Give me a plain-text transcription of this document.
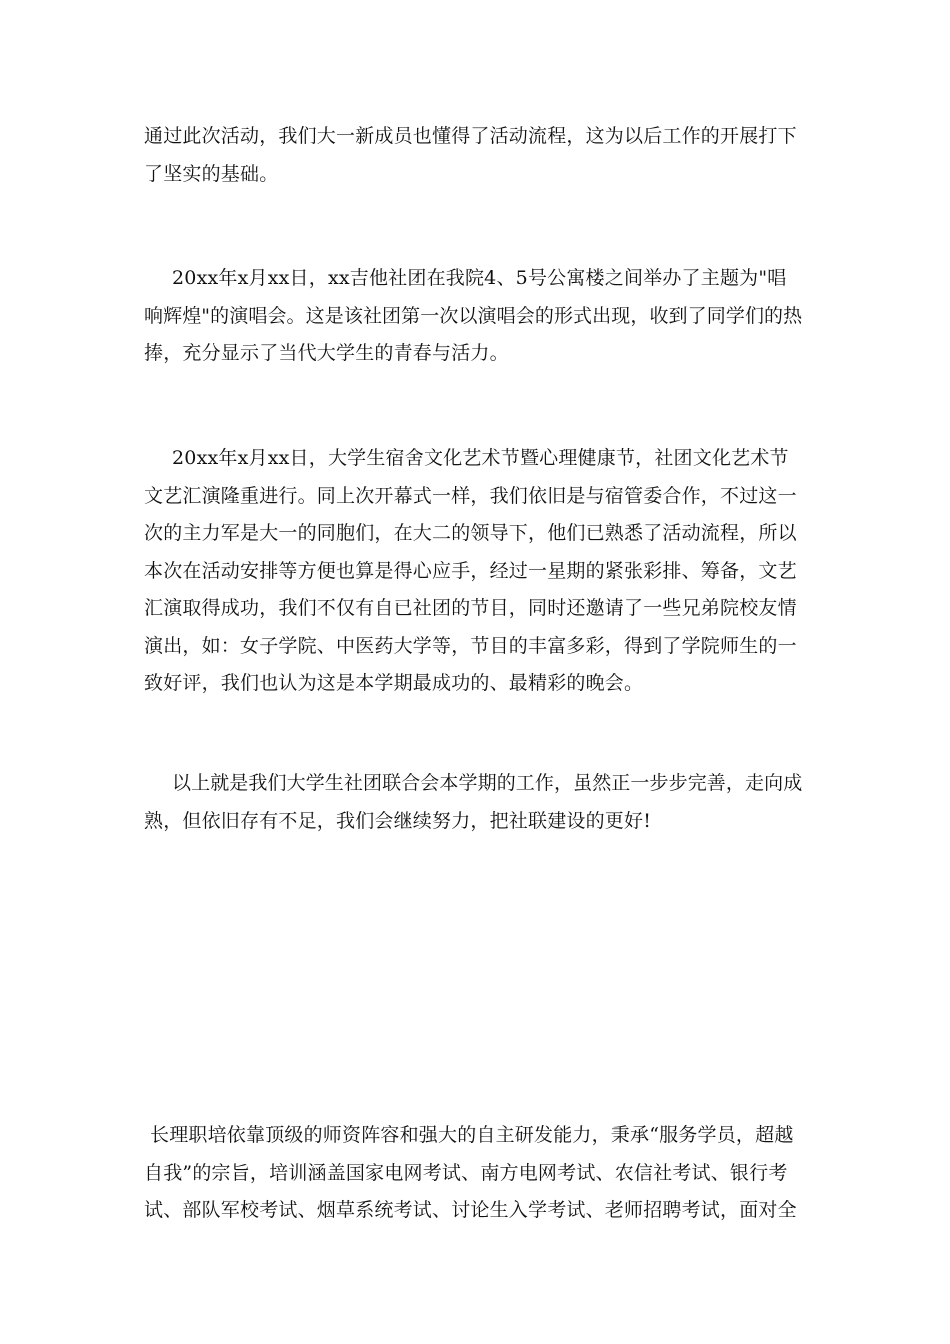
通过此次活动，我们大一新成员也懂得了活动流程，这为以后工作的开展打下
了坚实的基础。
20xx年x月xx日，xx吉他社团在我院4、5号公寓楼之间举办了主题为"唱
响辉煌"的演唱会。这是该社团第一次以演唱会的形式出现，收到了同学们的热
捧，充分显示了当代大学生的青春与活力。
20xx年x月xx日，大学生宿舍文化艺术节暨心理健康节，社团文化艺术节
文艺汇演隆重进行。同上次开幕式一样，我们依旧是与宿管委合作，不过这一
次的主力军是大一的同胞们，在大二的领导下，他们已熟悉了活动流程，所以
本次在活动安排等方便也算是得心应手，经过一星期的紧张彩排、筹备，文艺
汇演取得成功，我们不仅有自已社团的节目，同时还邀请了一些兄弟院校友情
演出，如：女子学院、中医药大学等，节目的丰富多彩，得到了学院师生的一
致好评，我们也认为这是本学期最成功的、最精彩的晚会。
以上就是我们大学生社团联合会本学期的工作，虽然正一步步完善，走向成
熟，但依旧存有不足，我们会继续努力，把社联建设的更好!
长理职培依靠顶级的师资阵容和强大的自主研发能力，秉承“服务学员，超越
自我”的宗旨，培训涵盖国家电网考试、南方电网考试、农信社考试、银行考
试、部队军校考试、烟草系统考试、讨论生入学考试、老师招聘考试，面对全
